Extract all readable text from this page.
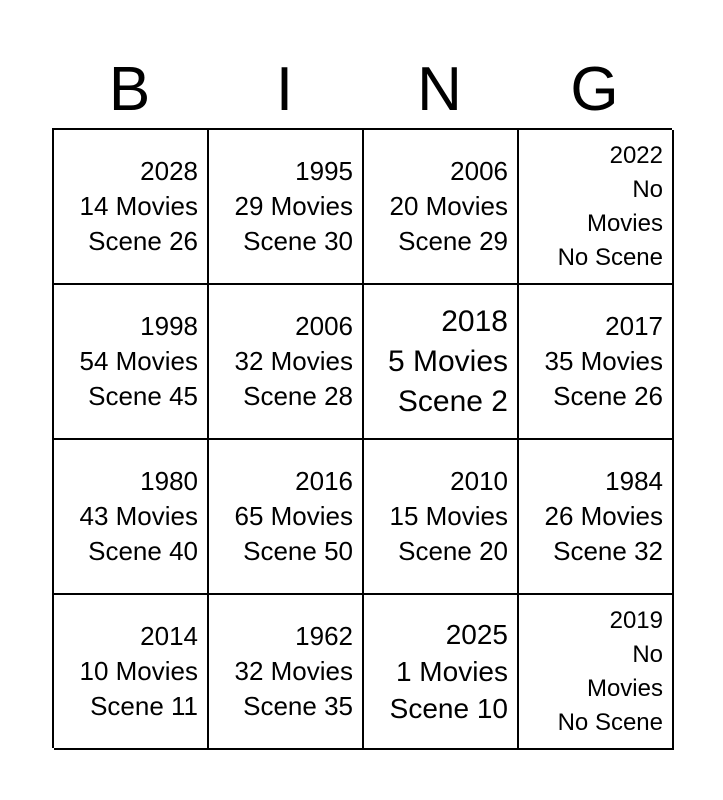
B	I	N	G
2028
14 Movies
Scene 26
1995
29 Movies
Scene 30
2006
20 Movies
Scene 29
2022
No
Movies
No Scene
1998
54 Movies
Scene 45
2006
32 Movies
Scene 28
2018
5 Movies
Scene 2
2017
35 Movies
Scene 26
1980
43 Movies
Scene 40
2016
65 Movies
Scene 50
2010
15 Movies
Scene 20
1984
26 Movies
Scene 32
2014
10 Movies
Scene 11
1962
32 Movies
Scene 35
2025
1 Movies
Scene 10
2019
No
Movies
No Scene
